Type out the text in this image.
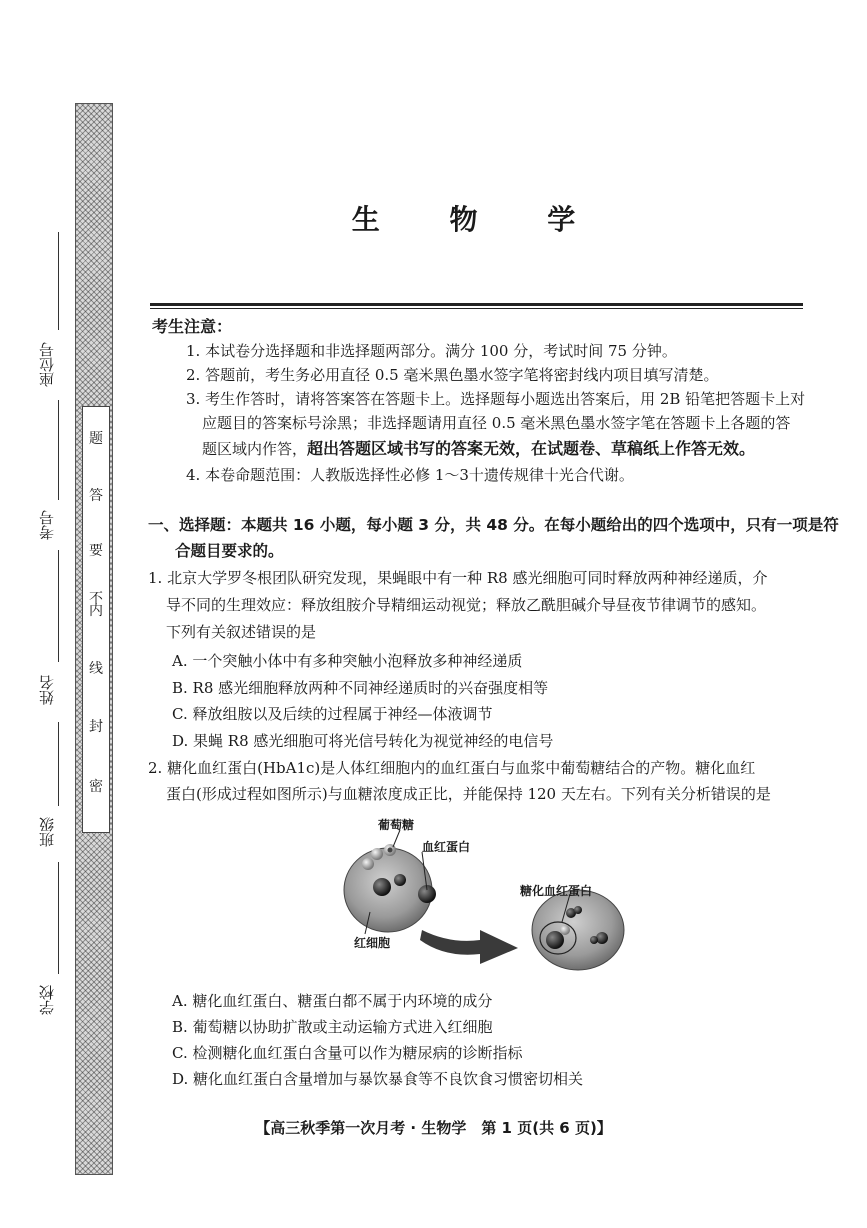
密
封
线
内
不
要
答
题
学校
班级
姓名
考号
座位号
生 物 学
考生注意：
1. 本试卷分选择题和非选择题两部分。满分 100 分，考试时间 75 分钟。
2. 答题前，考生务必用直径 0.5 毫米黑色墨水签字笔将密封线内项目填写清楚。
3. 考生作答时，请将答案答在答题卡上。选择题每小题选出答案后，用 2B 铅笔把答题卡上对
应题目的答案标号涂黑；非选择题请用直径 0.5 毫米黑色墨水签字笔在答题卡上各题的答
题区域内作答，超出答题区域书写的答案无效，在试题卷、草稿纸上作答无效。
4. 本卷命题范围：人教版选择性必修 1～3十遗传规律十光合代谢。
一、选择题：本题共 16 小题，每小题 3 分，共 48 分。在每小题给出的四个选项中，只有一项是符
合题目要求的。
1. 北京大学罗冬根团队研究发现，果蝇眼中有一种 R8 感光细胞可同时释放两种神经递质，介
导不同的生理效应：释放组胺介导精细运动视觉；释放乙酰胆碱介导昼夜节律调节的感知。
下列有关叙述错误的是
A. 一个突触小体中有多种突触小泡释放多种神经递质
B. R8 感光细胞释放两种不同神经递质时的兴奋强度相等
C. 释放组胺以及后续的过程属于神经—体液调节
D. 果蝇 R8 感光细胞可将光信号转化为视觉神经的电信号
2. 糖化血红蛋白(HbA1c)是人体红细胞内的血红蛋白与血浆中葡萄糖结合的产物。糖化血红
蛋白(形成过程如图所示)与血糖浓度成正比，并能保持 120 天左右。下列有关分析错误的是
葡萄糖
血红蛋白
红细胞
糖化血红蛋白
A. 糖化血红蛋白、糖蛋白都不属于内环境的成分
B. 葡萄糖以协助扩散或主动运输方式进入红细胞
C. 检测糖化血红蛋白含量可以作为糖尿病的诊断指标
D. 糖化血红蛋白含量增加与暴饮暴食等不良饮食习惯密切相关
【高三秋季第一次月考 · 生物学　第 1 页(共 6 页)】
